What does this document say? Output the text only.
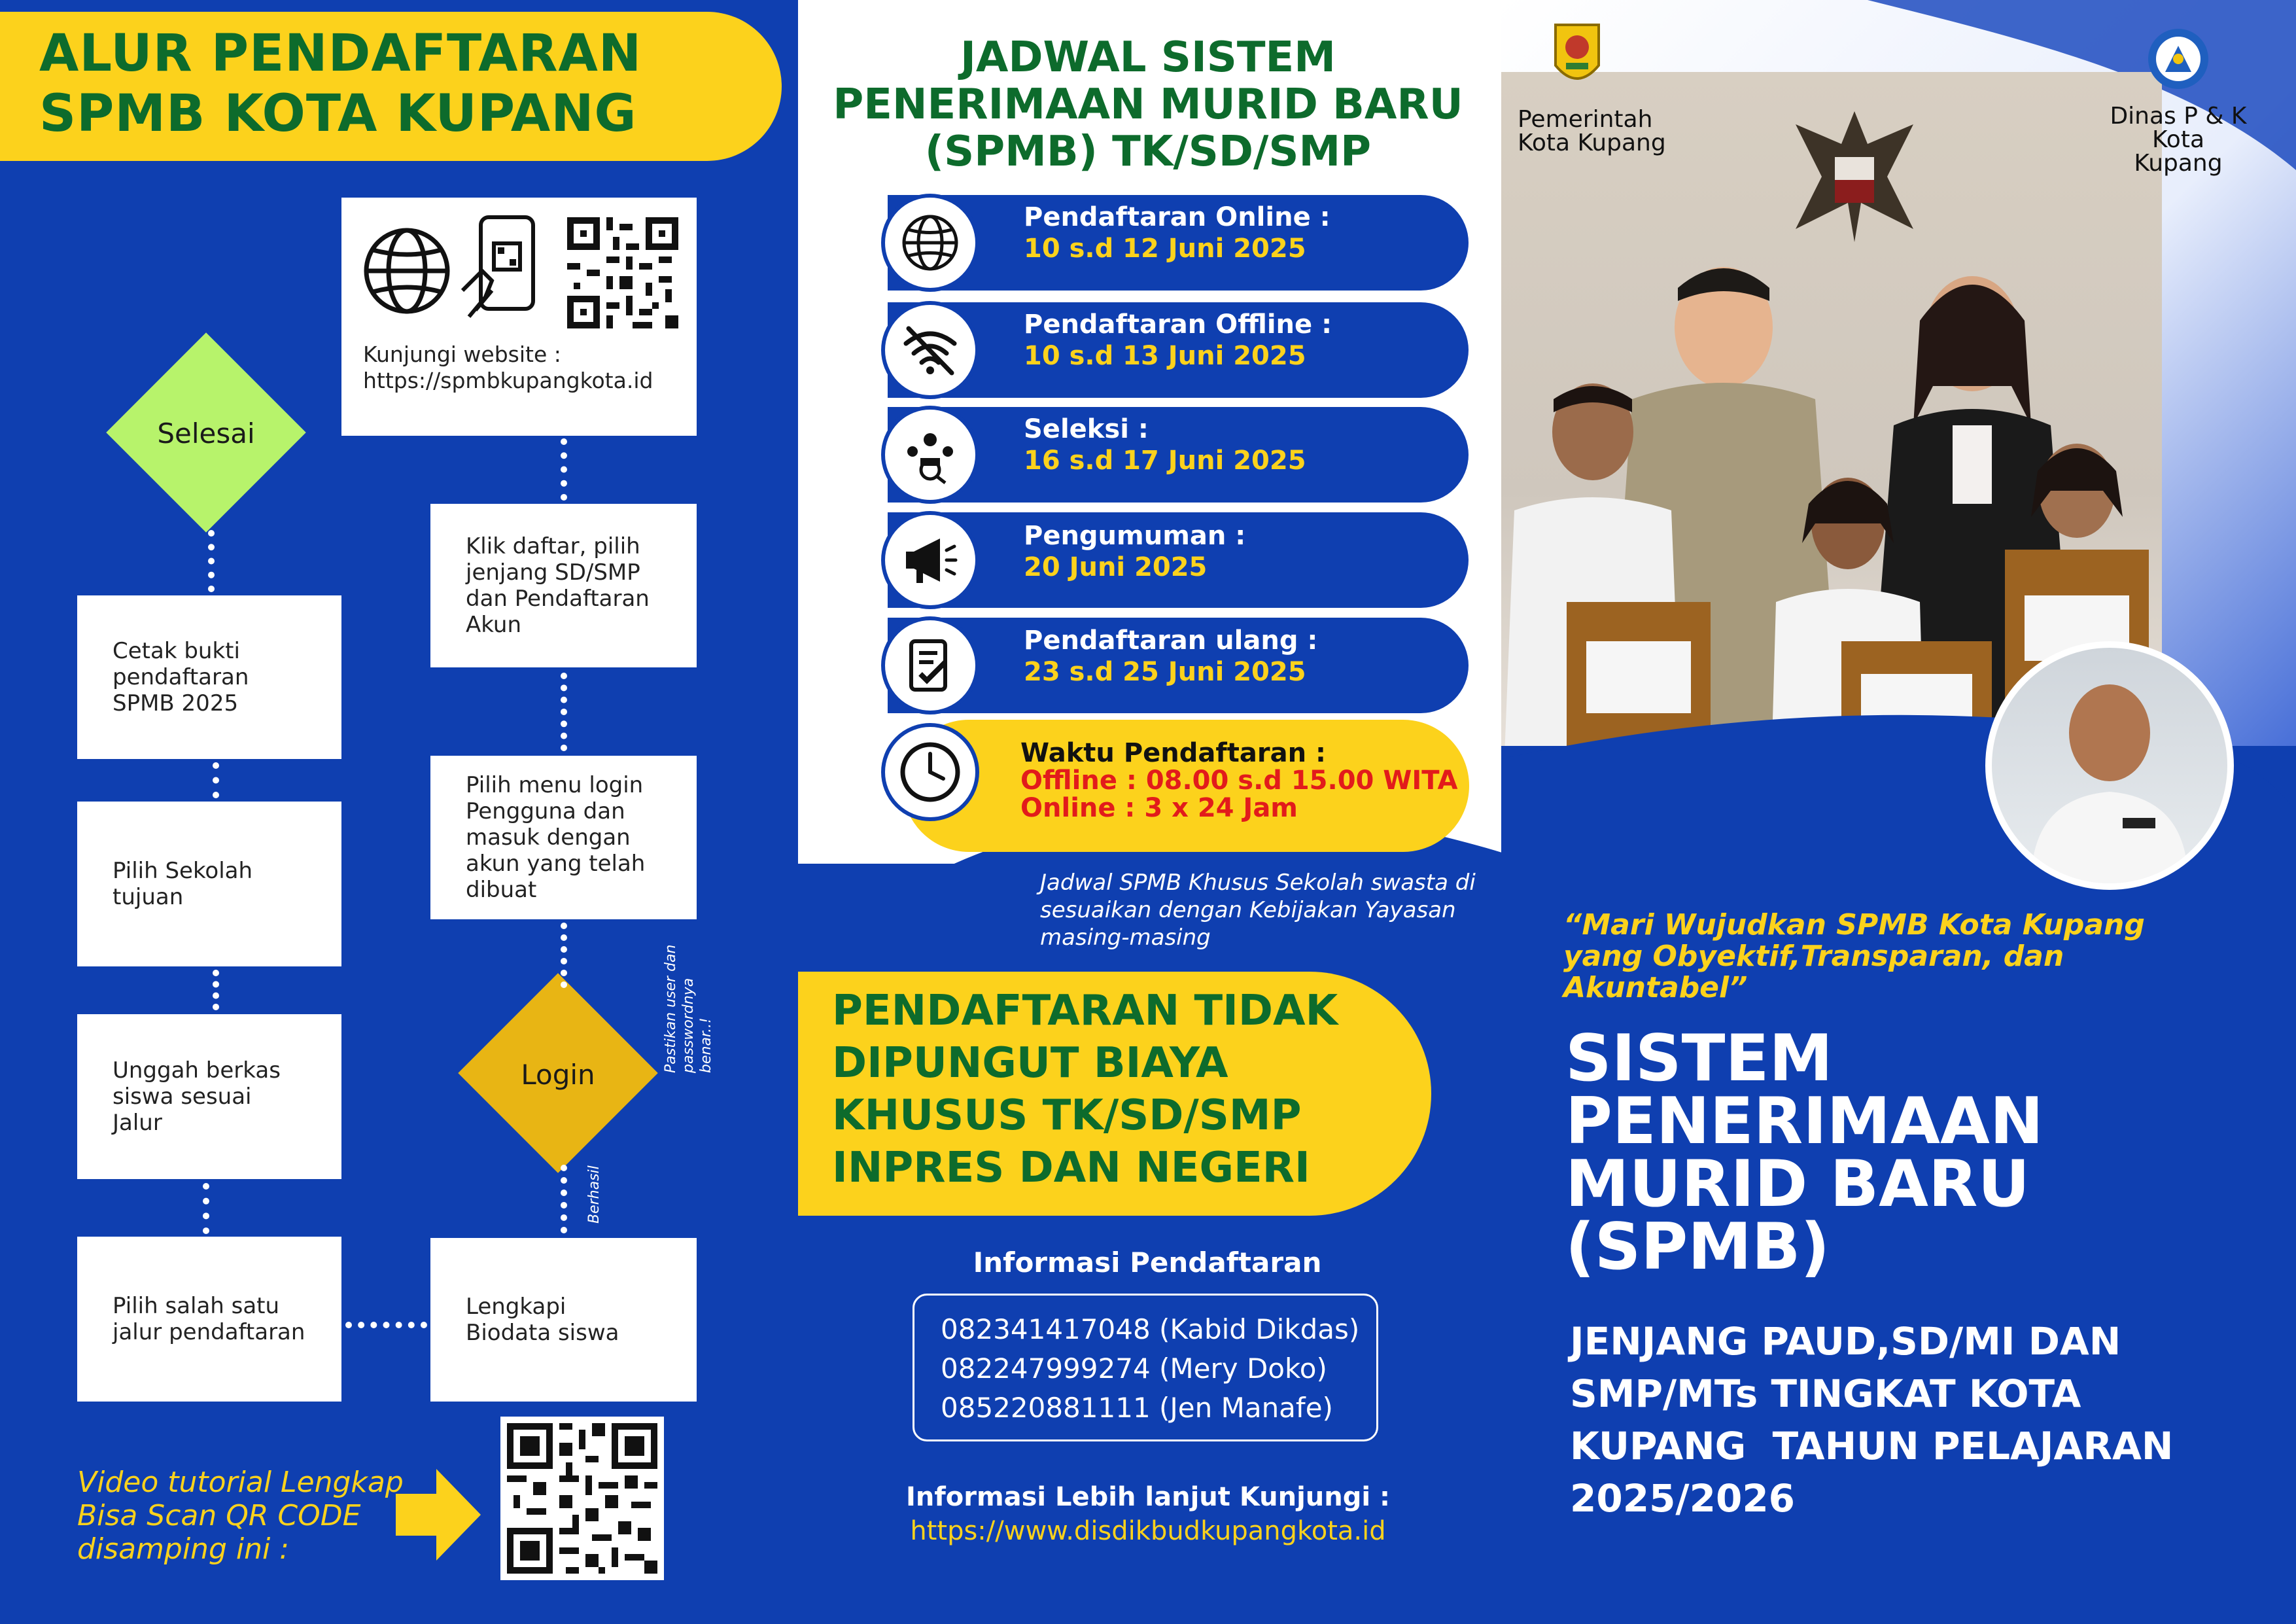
ALUR PENDAFTARAN
SPMB KOTA KUPANG
Kunjungi website :
https://spmbkupangkota.id
Klik daftar, pilih
jenjang SD/SMP
dan Pendaftaran
Akun
Pilih menu login
Pengguna dan
masuk dengan
akun yang telah
dibuat
Lengkapi
Biodata siswa
Cetak bukti
pendaftaran
SPMB 2025
Pilih Sekolah
tujuan
Unggah berkas
siswa sesuai
Jalur
Pilih salah satu
jalur pendaftaran
Selesai
Login
Pastikan user dan passwordnya benar..!
Berhasil
Video tutorial Lengkap
Bisa Scan QR CODE
disamping ini :
JADWAL SISTEM
PENERIMAAN MURID BARU
(SPMB) TK/SD/SMP
Pendaftaran Online :
10 s.d 12 Juni 2025
Pendaftaran Offline :
10 s.d 13 Juni 2025
Seleksi :
16 s.d 17 Juni 2025
Pengumuman :
20 Juni 2025
Pendaftaran ulang :
23 s.d 25 Juni 2025
Waktu Pendaftaran :
Offline : 08.00 s.d 15.00 WITA
Online : 3 x 24 Jam
Jadwal SPMB Khusus Sekolah swasta di
sesuaikan dengan Kebijakan Yayasan
masing-masing
PENDAFTARAN TIDAK
DIPUNGUT BIAYA
KHUSUS TK/SD/SMP
INPRES DAN NEGERI
Informasi Pendaftaran
082341417048 (Kabid Dikdas)
082247999274 (Mery Doko)
085220881111 (Jen Manafe)
Informasi Lebih lanjut Kunjungi :
https://www.disdikbudkupangkota.id
Pemerintah
Kota Kupang
Dinas P & K
Kota Kupang
“Mari Wujudkan SPMB Kota Kupang
yang Obyektif,Transparan, dan
Akuntabel”
SISTEM
PENERIMAAN
MURID BARU
(SPMB)
JENJANG PAUD,SD/MI DAN
SMP/MTs TINGKAT KOTA
KUPANG  TAHUN PELAJARAN
2025/2026
